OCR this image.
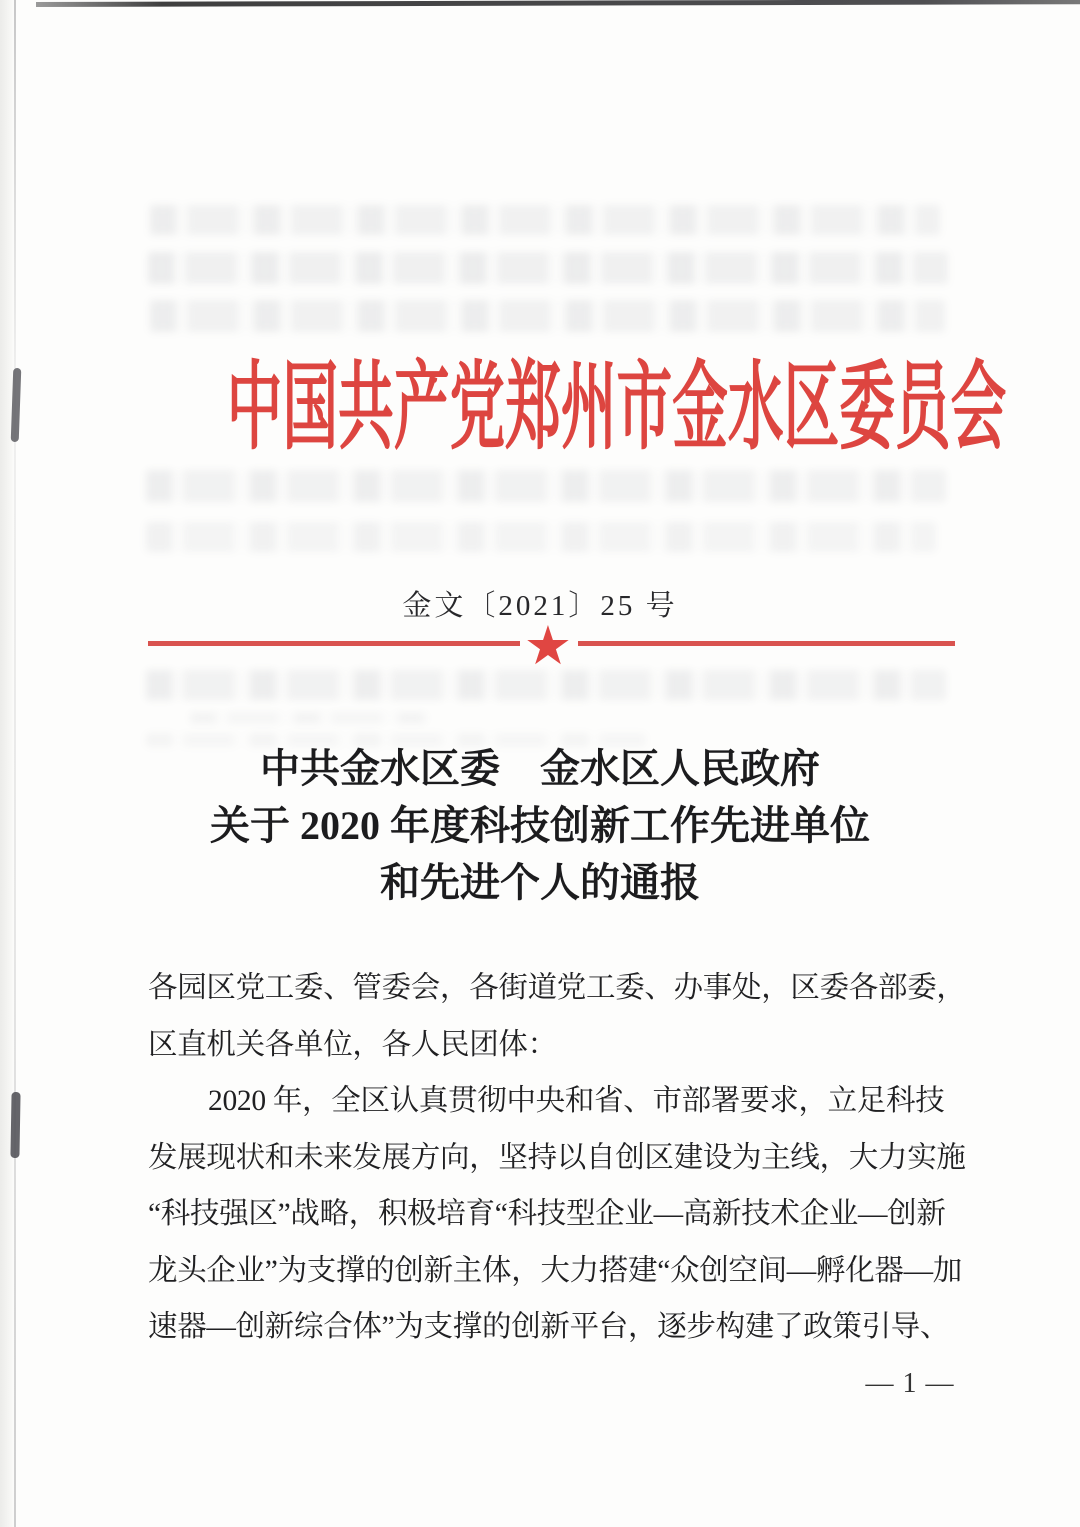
中国共产党郑州市金水区委员会
金文〔2021〕25 号
★
中共金水区委　金水区人民政府
关于 2020 年度科技创新工作先进单位
和先进个人的通报
各园区党工委、管委会，各街道党工委、办事处，区委各部委，
区直机关各单位，各人民团体：
2020 年，全区认真贯彻中央和省、市部署要求，立足科技
发展现状和未来发展方向，坚持以自创区建设为主线，大力实施
“科技强区”战略，积极培育“科技型企业—高新技术企业—创新
龙头企业”为支撑的创新主体，大力搭建“众创空间—孵化器—加
速器—创新综合体”为支撑的创新平台，逐步构建了政策引导、
— 1 —
